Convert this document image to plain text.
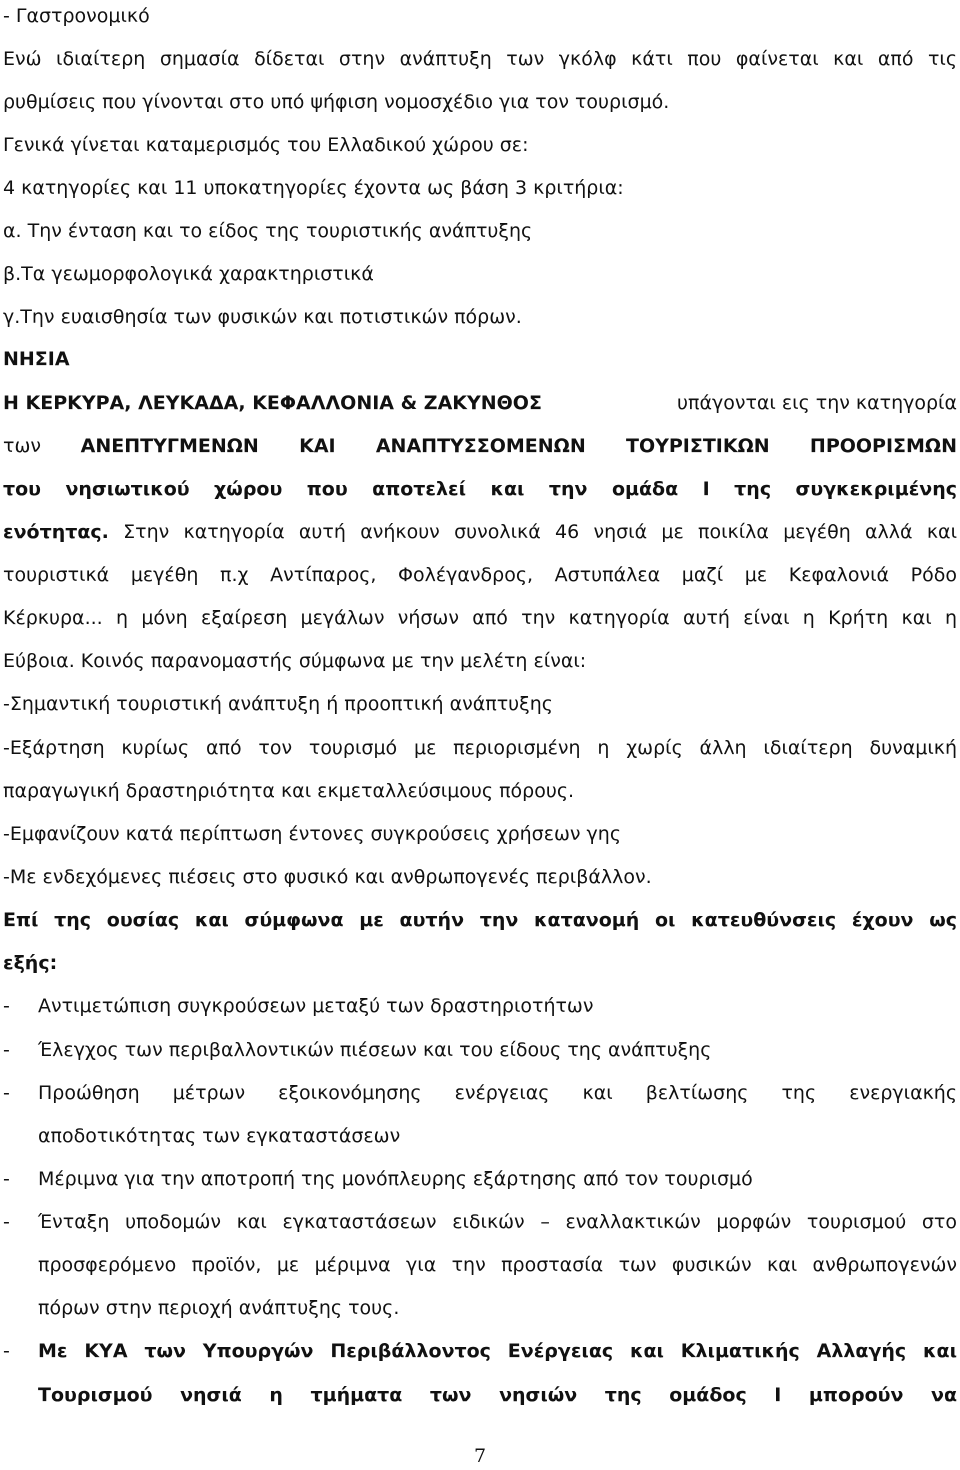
- Γαστρονομικό
Ενώ ιδιαίτερη σημασία δίδεται στην ανάπτυξη των γκόλφ κάτι που φαίνεται και από τις
ρυθμίσεις που γίνονται στο υπό ψήφιση νομοσχέδιο για τον τουρισμό.
Γενικά γίνεται καταμερισμός του Ελλαδικού χώρου σε:
4 κατηγορίες και 11 υποκατηγορίες έχοντα ως βάση 3 κριτήρια:
α. Την ένταση και το είδος της τουριστικής ανάπτυξης
β.Τα γεωμορφολογικά χαρακτηριστικά
γ.Την ευαισθησία των φυσικών και ποτιστικών πόρων.
ΝΗΣΙΑ
Η ΚΕΡΚΥΡΑ, ΛΕΥΚΑΔΑ, ΚΕΦΑΛΛΟΝΙΑ & ΖΑΚΥΝΘΟΣ	υπάγονται εις την κατηγορία
των ΑΝΕΠΤΥΓΜΕΝΩΝ ΚΑΙ ΑΝΑΠΤΥΣΣΟΜΕΝΩΝ ΤΟΥΡΙΣΤΙΚΩΝ ΠΡΟΟΡΙΣΜΩΝ
του νησιωτικού χώρου που αποτελεί και την ομάδα Ι της συγκεκριμένης
ενότητας. Στην κατηγορία αυτή ανήκουν συνολικά 46 νησιά με ποικίλα μεγέθη αλλά και
τουριστικά μεγέθη π.χ Αντίπαρος, Φολέγανδρος, Αστυπάλεα μαζί με Κεφαλονιά Ρόδο
Κέρκυρα... η μόνη εξαίρεση μεγάλων νήσων από την κατηγορία αυτή είναι η Κρήτη και η
Εύβοια. Κοινός παρανομαστής σύμφωνα με την μελέτη είναι:
-Σημαντική τουριστική ανάπτυξη ή προοπτική ανάπτυξης
-Εξάρτηση κυρίως από τον τουρισμό με περιορισμένη η χωρίς άλλη ιδιαίτερη δυναμική
παραγωγική δραστηριότητα και εκμεταλλεύσιμους πόρους.
-Εμφανίζουν κατά περίπτωση έντονες συγκρούσεις χρήσεων γης
-Με ενδεχόμενες πιέσεις στο φυσικό και ανθρωπογενές περιβάλλον.
Επί της ουσίας και σύμφωνα με αυτήν την κατανομή οι κατευθύνσεις έχουν ως
εξής:
- Αντιμετώπιση συγκρούσεων μεταξύ των δραστηριοτήτων
- Έλεγχος των περιβαλλοντικών πιέσεων και του είδους της ανάπτυξης
- Προώθηση μέτρων εξοικονόμησης ενέργειας και βελτίωσης της ενεργιακής
αποδοτικότητας των εγκαταστάσεων
- Μέριμνα για την αποτροπή της μονόπλευρης εξάρτησης από τον τουρισμό
- Ένταξη υποδομών και εγκαταστάσεων ειδικών – εναλλακτικών μορφών τουρισμού στο
προσφερόμενο προϊόν, με μέριμνα για την προστασία των φυσικών και ανθρωπογενών
πόρων στην περιοχή ανάπτυξης τους.
- Με ΚΥΑ των Υπουργών Περιβάλλοντος Ενέργειας και Κλιματικής Αλλαγής και
Τουρισμού νησιά η τμήματα των νησιών της ομάδος Ι μπορούν να
7
